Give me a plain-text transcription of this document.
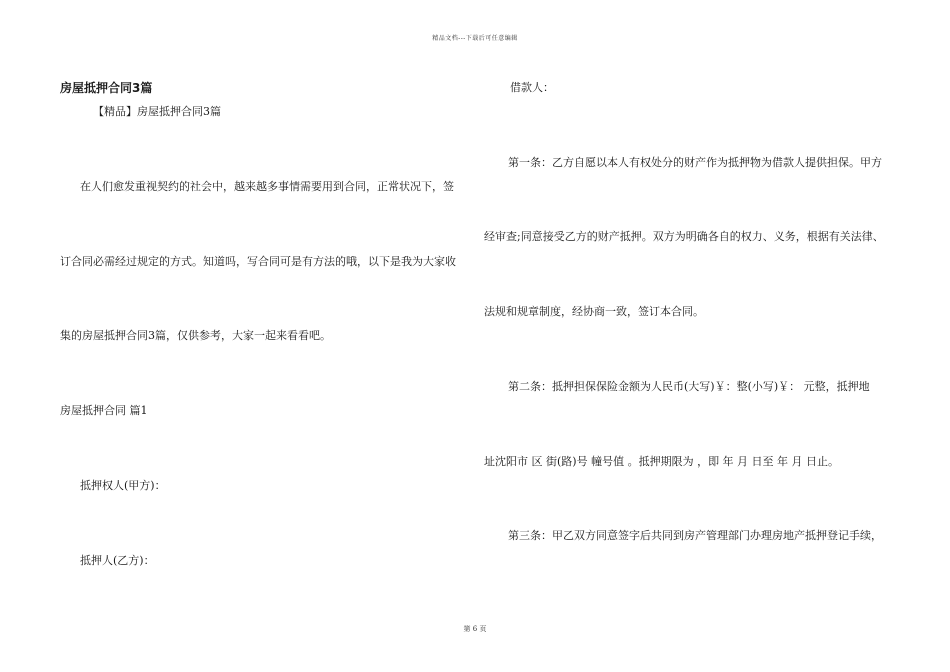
精品文档---下载后可任意编辑
房屋抵押合同3篇
【精品】房屋抵押合同3篇
在人们愈发重视契约的社会中，越来越多事情需要用到合同，正常状况下，签
订合同必需经过规定的方式。知道吗，写合同可是有方法的哦，以下是我为大家收
集的房屋抵押合同3篇，仅供参考，大家一起来看看吧。
房屋抵押合同 篇1
抵押权人(甲方)：
抵押人(乙方)：
借款人：
第一条：乙方自愿以本人有权处分的财产作为抵押物为借款人提供担保。甲方
经审查;同意接受乙方的财产抵押。双方为明确各自的权力、义务，根据有关法律、
法规和规章制度，经协商一致，签订本合同。
第二条：抵押担保保险金额为人民币(大写)￥：整(小写)￥： 元整，抵押地
址沈阳市 区 街(路)号 幢号值 。抵押期限为 ，即 年 月 日至 年 月 日止。
第三条：甲乙双方同意签字后共同到房产管理部门办理房地产抵押登记手续，
第 6 页
